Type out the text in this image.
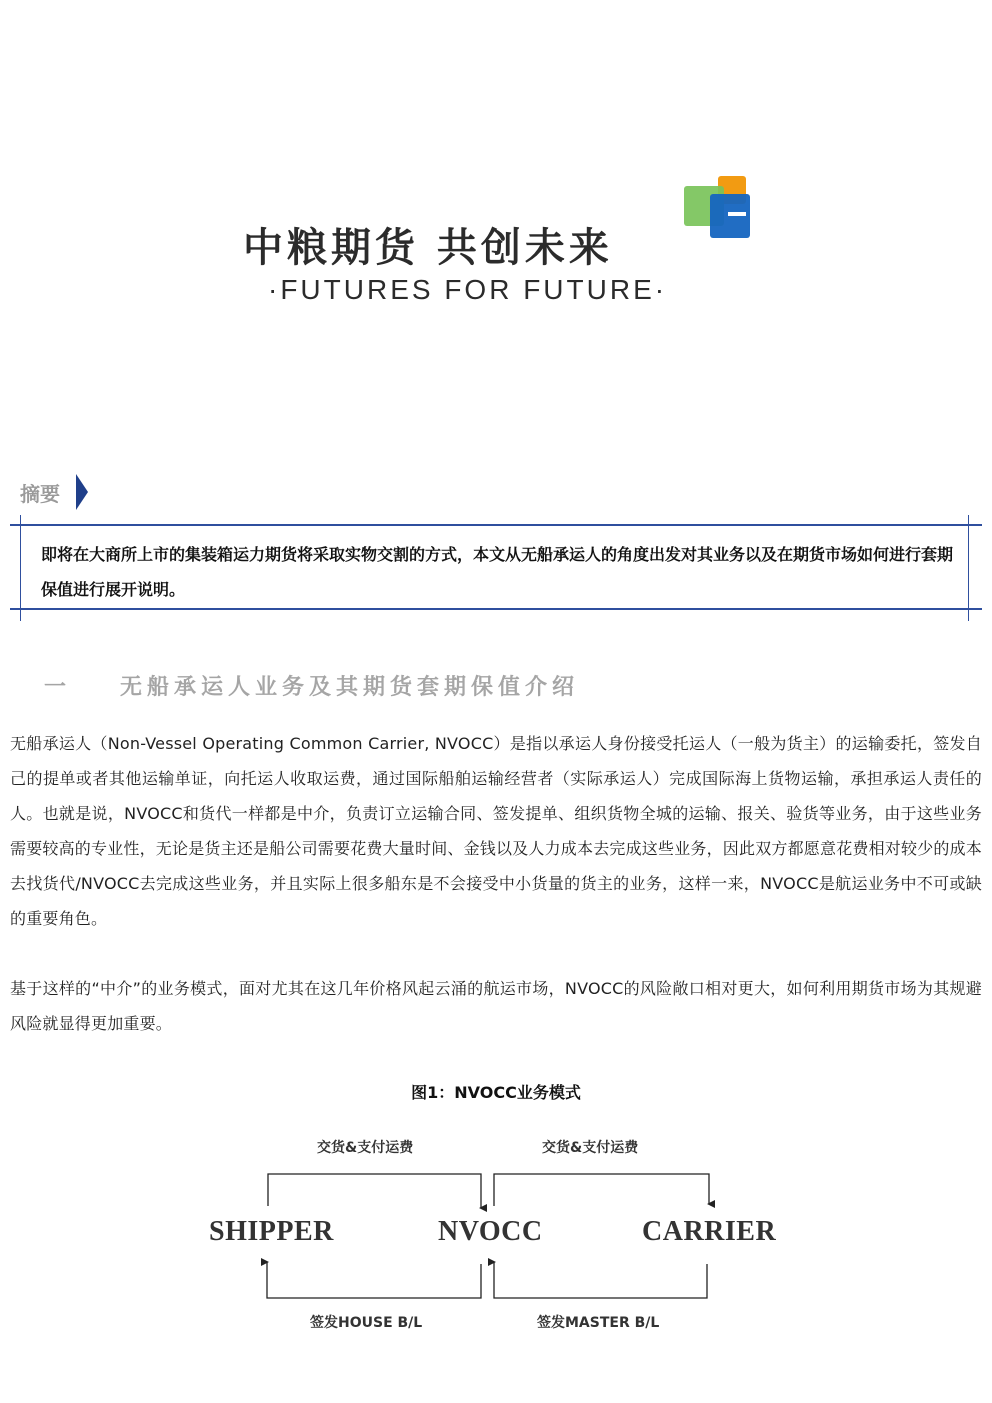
中粮期货 共创未来
·FUTURES FOR FUTURE·
摘要
即将在大商所上市的集装箱运力期货将采取实物交割的方式，本文从无船承运人的角度出发对其业务以及在期货市场如何进行套期保值进行展开说明。
一 无船承运人业务及其期货套期保值介绍

无船承运人（Non-Vessel Operating Common Carrier, NVOCC）是指以承运人身份接受托运人（一般为货主）的运输委托，签发自己的提单或者其他运输单证，向托运人收取运费，通过国际船舶运输经营者（实际承运人）完成国际海上货物运输，承担承运人责任的人。也就是说，NVOCC和货代一样都是中介，负责订立运输合同、签发提单、组织货物全城的运输、报关、验货等业务，由于这些业务需要较高的专业性，无论是货主还是船公司需要花费大量时间、金钱以及人力成本去完成这些业务，因此双方都愿意花费相对较少的成本去找货代/NVOCC去完成这些业务，并且实际上很多船东是不会接受中小货量的货主的业务，这样一来，NVOCC是航运业务中不可或缺的重要角色。

基于这样的“中介”的业务模式，面对尤其在这几年价格风起云涌的航运市场，NVOCC的风险敞口相对更大，如何利用期货市场为其规避风险就显得更加重要。

图1：NVOCC业务模式
交货&支付运费	交货&支付运费
SHIPPER	NVOCC	CARRIER
签发HOUSE B/L	签发MASTER B/L
